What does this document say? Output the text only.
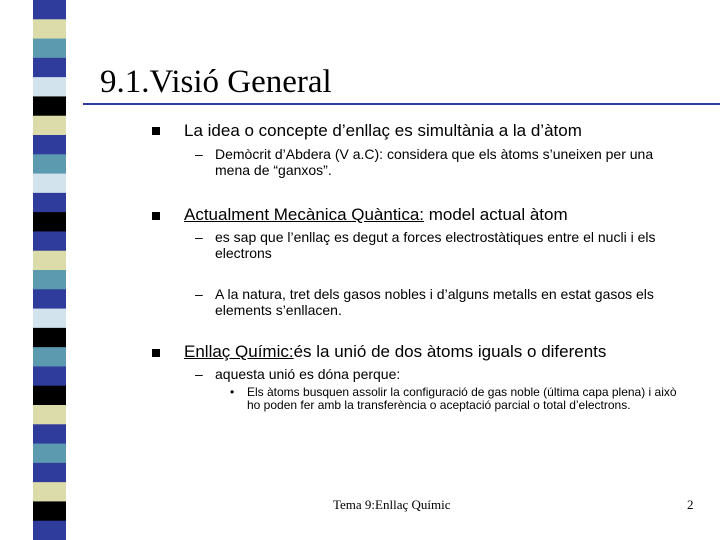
9.1.Visió General
La idea o concepte d’enllaç es simultània a la d’àtom
– Demòcrit d’Abdera (V a.C): considera que els àtoms s’uneixen per una mena de “ganxos”.
Actualment Mecànica Quàntica: model actual àtom
– es sap que l’enllaç es degut a forces electrostàtiques entre el nucli i els electrons
– A la natura, tret dels gasos nobles i d’alguns metalls en estat gasos els elements s’enllacen.
Enllaç Químic:és la unió de dos àtoms iguals o diferents
– aquesta unió es dóna perque:
• Els àtoms busquen assolir la configuració de gas noble (última capa plena) i això ho poden fer amb la transferència o aceptació parcial o total d’electrons.
Tema 9:Enllaç Químic	2
